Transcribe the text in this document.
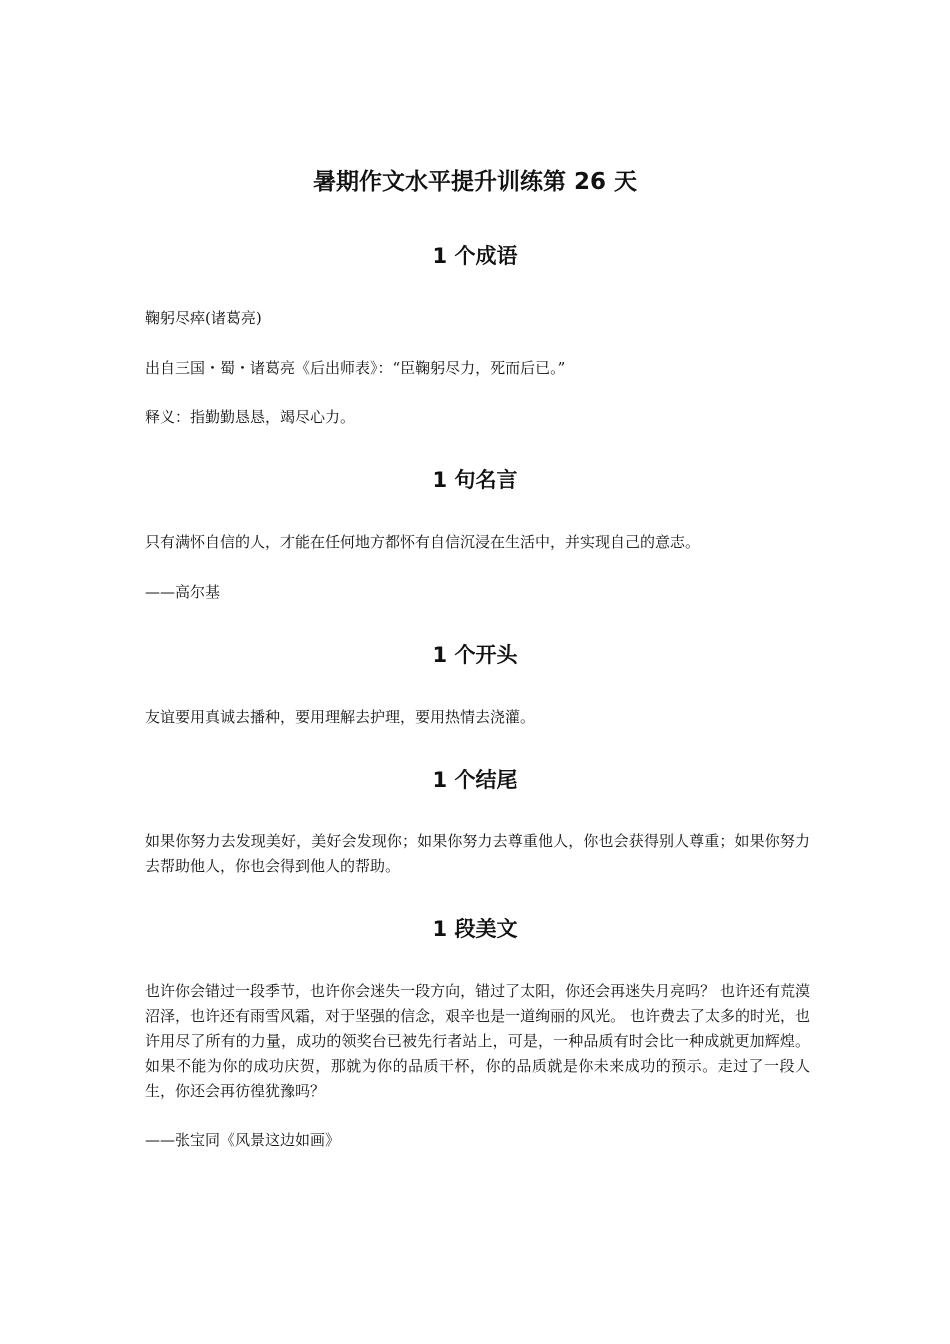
暑期作文水平提升训练第 26 天
1 个成语

鞠躬尽瘁(诸葛亮)

出自三国・蜀・诸葛亮《后出师表》：“臣鞠躬尽力，死而后已。”

释义：指勤勤恳恳，竭尽心力。

1 句名言

只有满怀自信的人，才能在任何地方都怀有自信沉浸在生活中，并实现自己的意志。

——高尔基

1 个开头

友谊要用真诚去播种，要用理解去护理，要用热情去浇灌。

1 个结尾

如果你努力去发现美好，美好会发现你；如果你努力去尊重他人，你也会获得别人尊重；如果你努力去帮助他人，你也会得到他人的帮助。

1 段美文

也许你会错过一段季节，也许你会迷失一段方向，错过了太阳，你还会再迷失月亮吗？ 也许还有荒漠沼泽，也许还有雨雪风霜，对于坚强的信念，艰辛也是一道绚丽的风光。 也许费去了太多的时光，也许用尽了所有的力量，成功的领奖台已被先行者站上，可是，一种品质有时会比一种成就更加辉煌。如果不能为你的成功庆贺，那就为你的品质干杯，你的品质就是你未来成功的预示。走过了一段人生，你还会再彷徨犹豫吗？

——张宝同《风景这边如画》
